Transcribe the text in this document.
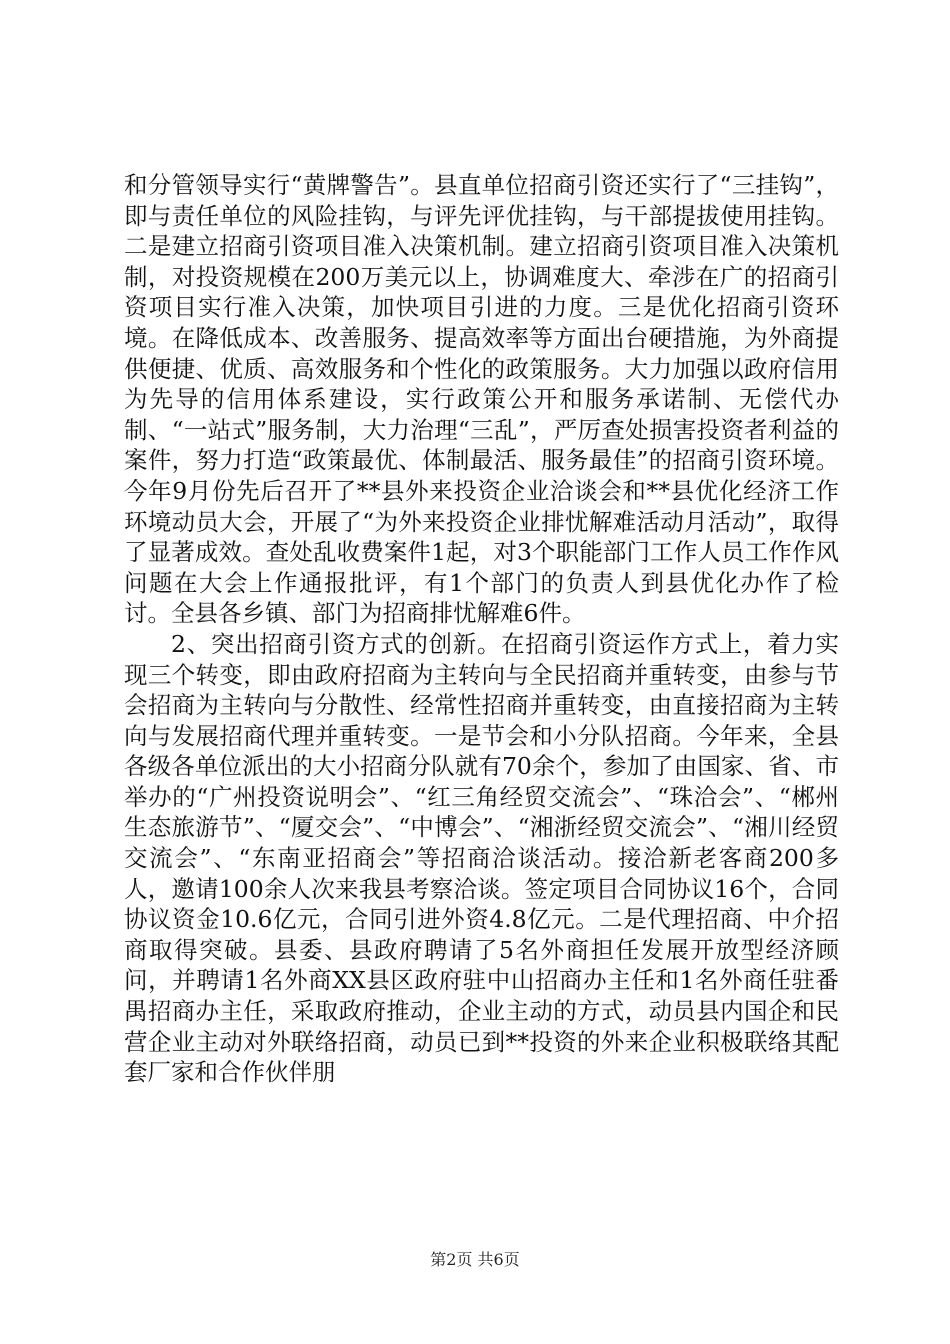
和分管领导实行“黄牌警告”。县直单位招商引资还实行了“三挂钩”，即与责任单位的风险挂钩，与评先评优挂钩，与干部提拔使用挂钩。二是建立招商引资项目准入决策机制。建立招商引资项目准入决策机制，对投资规模在200万美元以上，协调难度大、牵涉在广的招商引资项目实行准入决策，加快项目引进的力度。三是优化招商引资环境。在降低成本、改善服务、提高效率等方面出台硬措施，为外商提供便捷、优质、高效服务和个性化的政策服务。大力加强以政府信用为先导的信用体系建设，实行政策公开和服务承诺制、无偿代办制、“一站式”服务制，大力治理“三乱”，严厉查处损害投资者利益的案件，努力打造“政策最优、体制最活、服务最佳”的招商引资环境。今年9月份先后召开了**县外来投资企业洽谈会和**县优化经济工作环境动员大会，开展了“为外来投资企业排忧解难活动月活动”，取得了显著成效。查处乱收费案件1起，对3个职能部门工作人员工作作风问题在大会上作通报批评，有1个部门的负责人到县优化办作了检讨。全县各乡镇、部门为招商排忧解难6件。

2、突出招商引资方式的创新。在招商引资运作方式上，着力实现三个转变，即由政府招商为主转向与全民招商并重转变，由参与节会招商为主转向与分散性、经常性招商并重转变，由直接招商为主转向与发展招商代理并重转变。一是节会和小分队招商。今年来，全县各级各单位派出的大小招商分队就有70余个，参加了由国家、省、市举办的“广州投资说明会”、“红三角经贸交流会”、“珠洽会”、“郴州生态旅游节”、“厦交会”、“中博会”、“湘浙经贸交流会”、“湘川经贸交流会”、“东南亚招商会”等招商洽谈活动。接洽新老客商200多人，邀请100余人次来我县考察洽谈。签定项目合同协议16个，合同协议资金10.6亿元，合同引进外资4.8亿元。二是代理招商、中介招商取得突破。县委、县政府聘请了5名外商担任发展开放型经济顾问，并聘请1名外商XX县区政府驻中山招商办主任和1名外商任驻番禺招商办主任，采取政府推动，企业主动的方式，动员县内国企和民营企业主动对外联络招商，动员已到**投资的外来企业积极联络其配套厂家和合作伙伴朋

第2页 共6页
